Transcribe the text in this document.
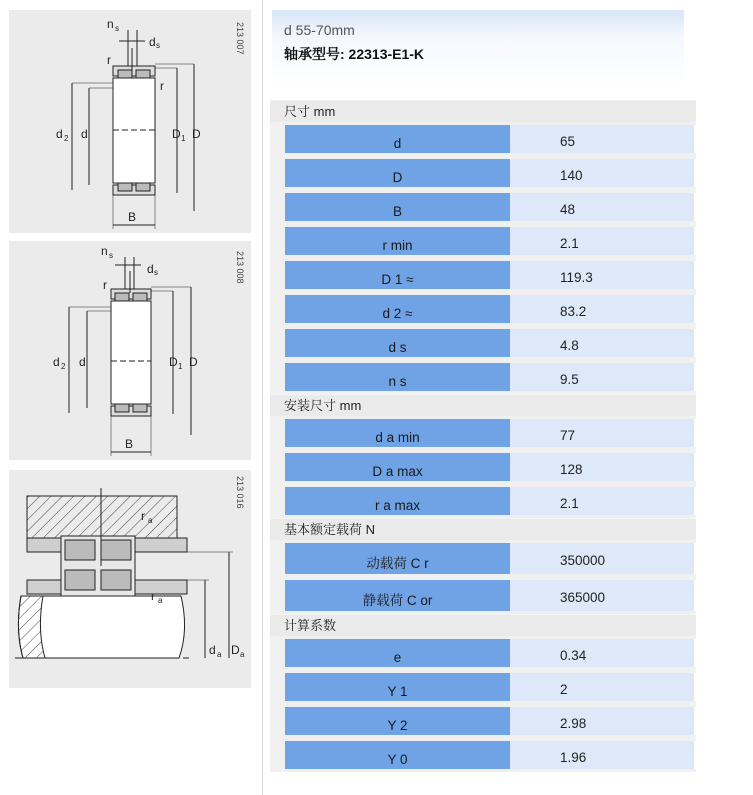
213 007
n s
d s
r
r
d 2 d	D 1 D
B
213 008
n s
d s
r
d 2 d	D 1 D
B
213 016
r a
r a
d a D a
d 55-70mm
轴承型号: 22313-E1-K
尺寸 mm
d	65
D	140
B	48
r min	2.1
D 1 ≈	119.3
d 2 ≈	83.2
d s	4.8
n s	9.5
安装尺寸 mm
d a min	77
D a max	128
r a max	2.1
基本额定载荷 N
动载荷 C r	350000
静载荷 C or	365000
计算系数
e	0.34
Y 1	2
Y 2	2.98
Y 0	1.96
